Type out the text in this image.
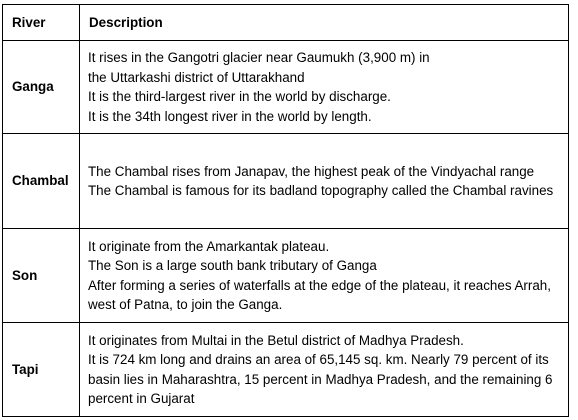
River	Description
Ganga	It rises in the Gangotri glacier near Gaumukh (3,900 m) in
the Uttarkashi district of Uttarakhand
It is the third-largest river in the world by discharge.
It is the 34th longest river in the world by length.

Chambal	The Chambal rises from Janapav, the highest peak of the Vindyachal range
The Chambal is famous for its badland topography called the Chambal ravines

Son	It originate from the Amarkantak plateau.
The Son is a large south bank tributary of Ganga
After forming a series of waterfalls at the edge of the plateau, it reaches Arrah, west of Patna, to join the Ganga.

Tapi	It originates from Multai in the Betul district of Madhya Pradesh.
It is 724 km long and drains an area of 65,145 sq. km. Nearly 79 percent of its basin lies in Maharashtra, 15 percent in Madhya Pradesh, and the remaining 6 percent in Gujarat
